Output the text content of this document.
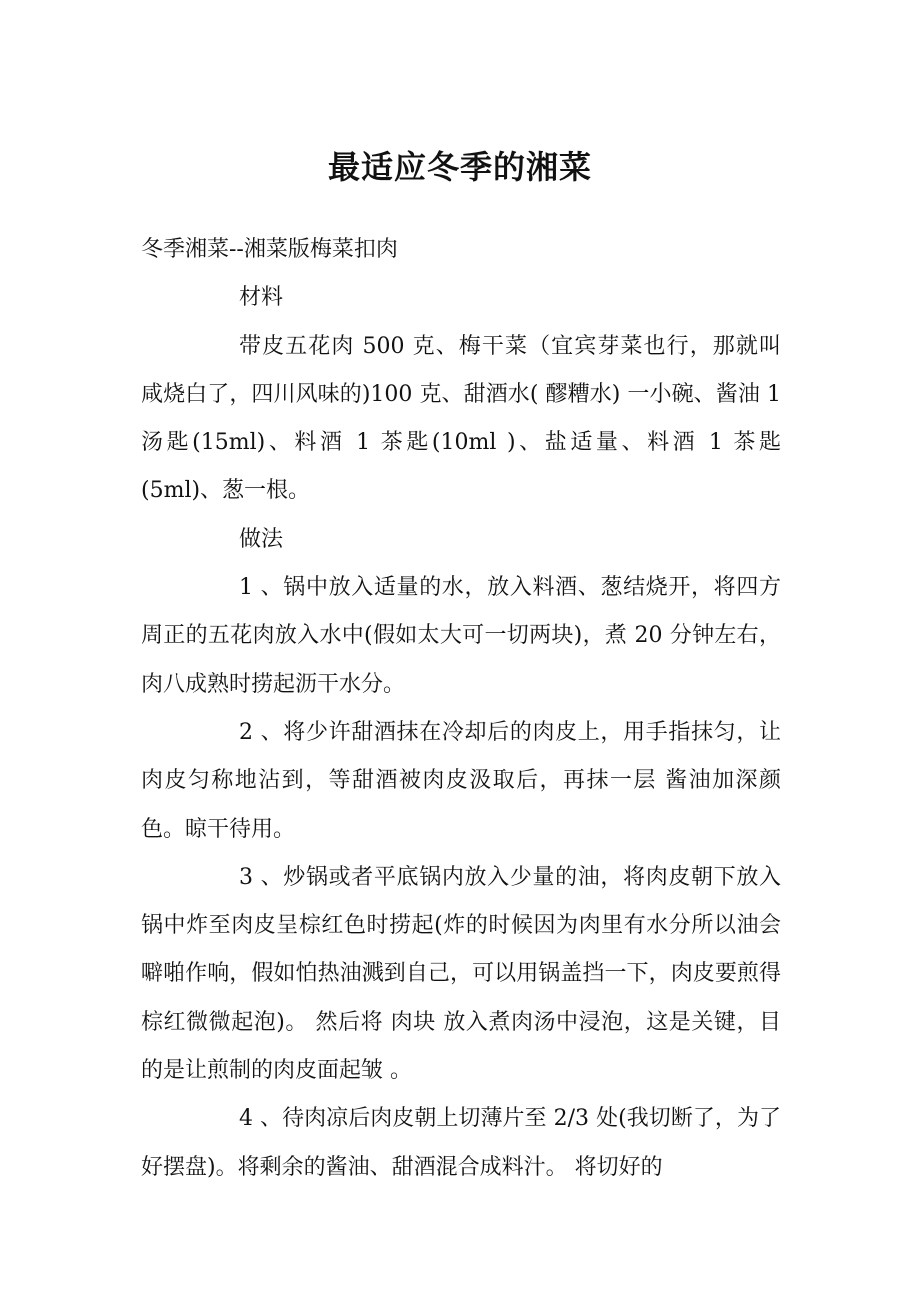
最适应冬季的湘菜

冬季湘菜--湘菜版梅菜扣肉

材料

带皮五花肉 500 克、梅干菜（宜宾芽菜也行，那就叫 咸烧白了，四川风味的)100 克、甜酒水( 醪糟水) 一小碗、酱油 1 汤匙(15ml)、料酒 1 茶匙(10ml )、盐适量、料酒 1 茶匙(5ml)、葱一根。

做法

1 、锅中放入适量的水，放入料酒、葱结烧开，将四方周正的五花肉放入水中(假如太大可一切两块)，煮 20 分钟左右，肉八成熟时捞起沥干水分。

2 、将少许甜酒抹在冷却后的肉皮上，用手指抹匀，让肉皮匀称地沾到，等甜酒被肉皮汲取后，再抹一层 酱油加深颜色。晾干待用。

3 、炒锅或者平底锅内放入少量的油，将肉皮朝下放入锅中炸至肉皮呈棕红色时捞起(炸的时候因为肉里有水分所以油会噼啪作响，假如怕热油溅到自己，可以用锅盖挡一下，肉皮要煎得棕红微微起泡)。 然后将 肉块 放入煮肉汤中浸泡，这是关键，目的是让煎制的肉皮面起皱 。

4 、待肉凉后肉皮朝上切薄片至 2/3 处(我切断了，为了好摆盘)。将剩余的酱油、甜酒混合成料汁。 将切好的
